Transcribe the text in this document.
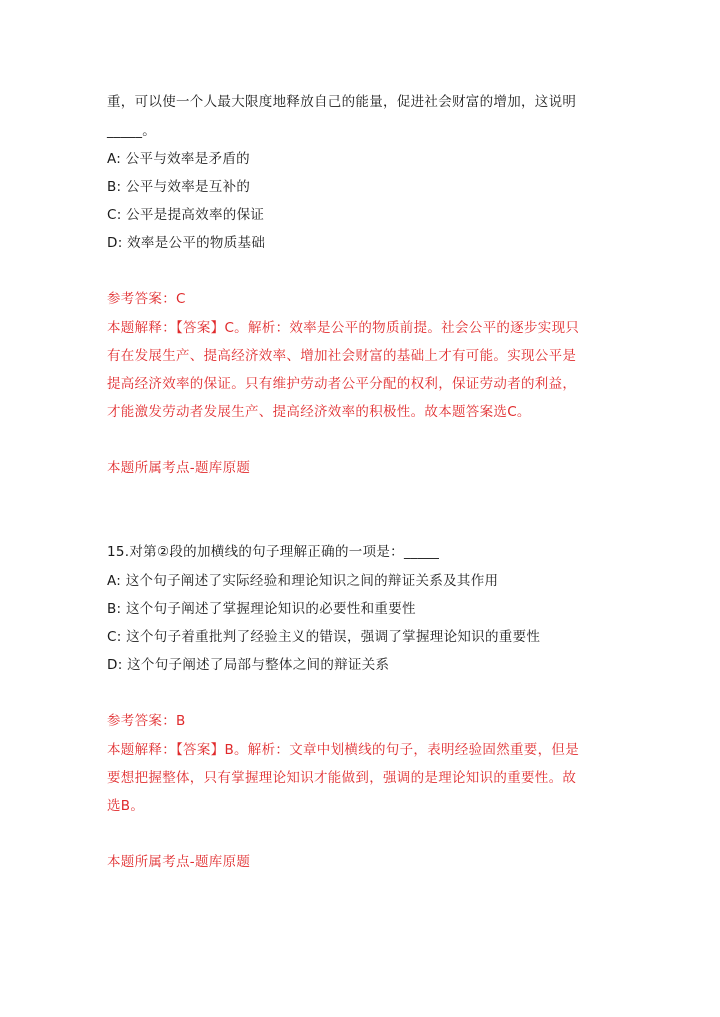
重，可以使一个人最大限度地释放自己的能量，促进社会财富的增加，这说明
_____。
A: 公平与效率是矛盾的
B: 公平与效率是互补的
C: 公平是提高效率的保证
D: 效率是公平的物质基础
参考答案：C
本题解释：【答案】C。解析：效率是公平的物质前提。社会公平的逐步实现只
有在发展生产、提高经济效率、增加社会财富的基础上才有可能。实现公平是
提高经济效率的保证。只有维护劳动者公平分配的权利，保证劳动者的利益，
才能激发劳动者发展生产、提高经济效率的积极性。故本题答案选C。
本题所属考点-题库原题
15.对第②段的加横线的句子理解正确的一项是：_____
A: 这个句子阐述了实际经验和理论知识之间的辩证关系及其作用
B: 这个句子阐述了掌握理论知识的必要性和重要性
C: 这个句子着重批判了经验主义的错误，强调了掌握理论知识的重要性
D: 这个句子阐述了局部与整体之间的辩证关系
参考答案：B
本题解释：【答案】B。解析：文章中划横线的句子，表明经验固然重要，但是
要想把握整体，只有掌握理论知识才能做到，强调的是理论知识的重要性。故
选B。
本题所属考点-题库原题
